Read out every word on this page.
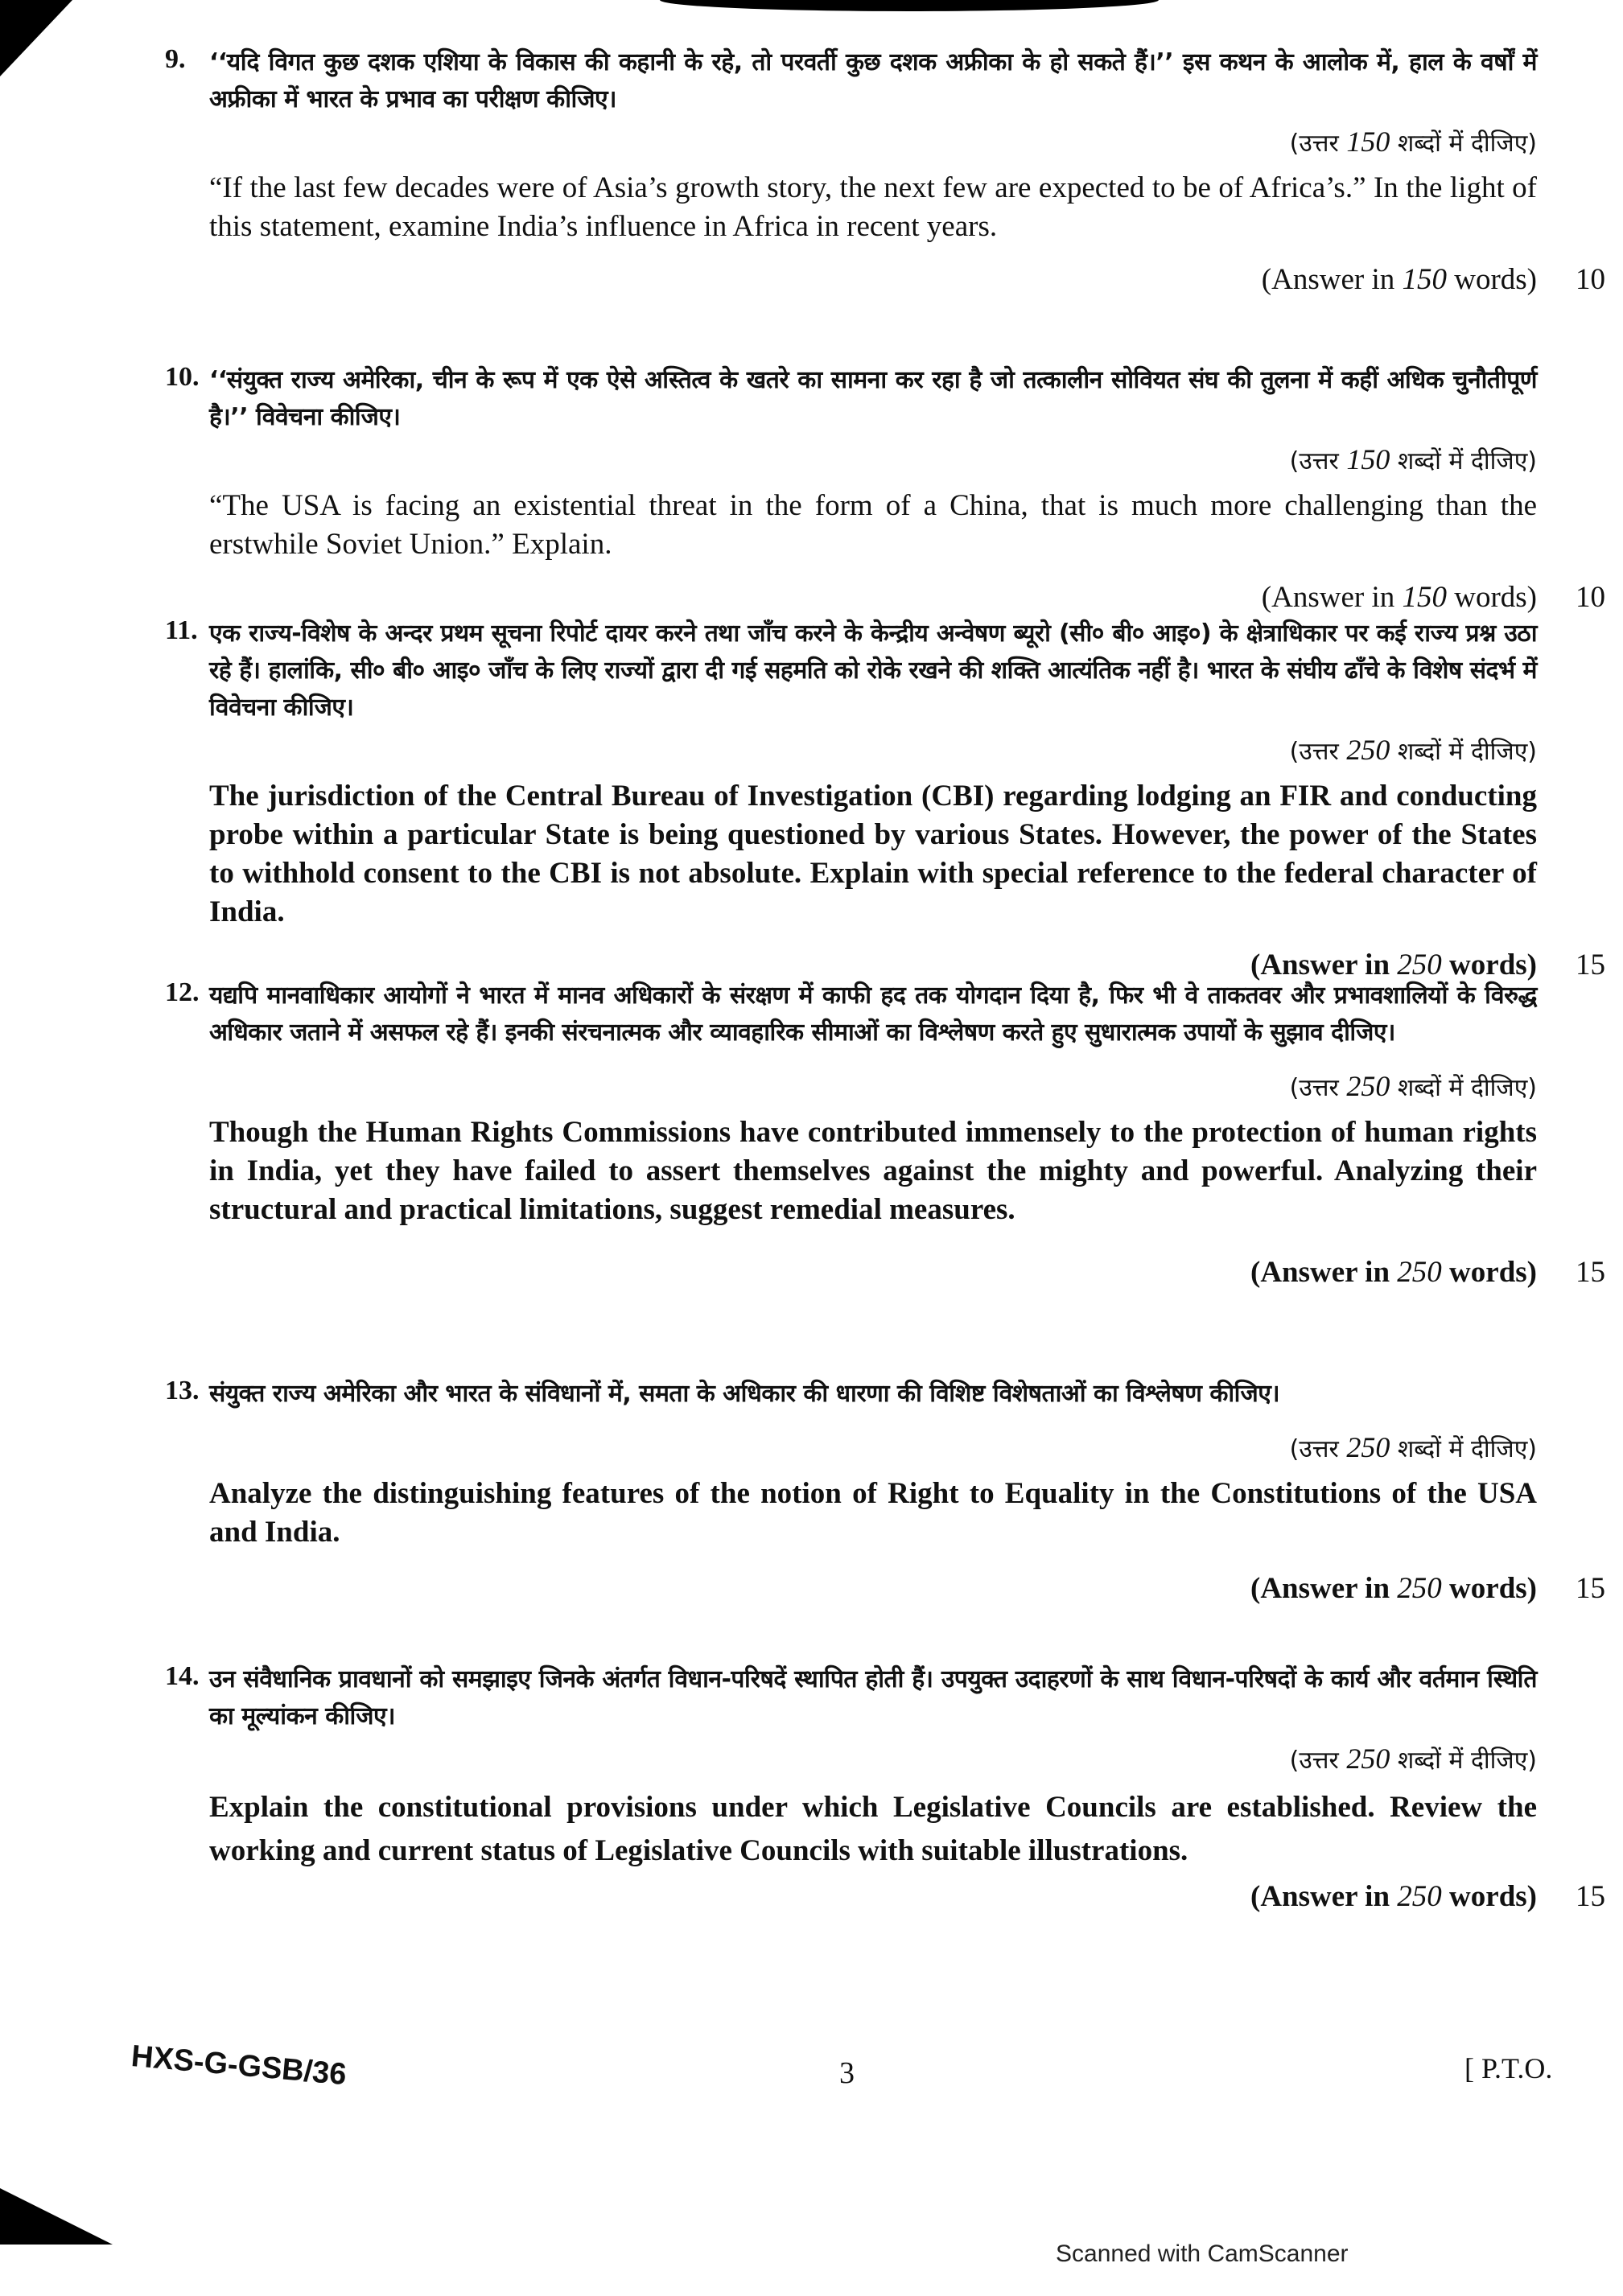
9. ‘‘यदि विगत कुछ दशक एशिया के विकास की कहानी के रहे, तो परवर्ती कुछ दशक अफ्रीका के हो सकते हैं।’’ इस कथन के आलोक में, हाल के वर्षों में अफ्रीका में भारत के प्रभाव का परीक्षण कीजिए।
(उत्तर 150 शब्दों में दीजिए)
“If the last few decades were of Asia’s growth story, the next few are expected to be of Africa’s.” In the light of this statement, examine India’s influence in Africa in recent years.
(Answer in 150 words) 10
10. ‘‘संयुक्त राज्य अमेरिका, चीन के रूप में एक ऐसे अस्तित्व के खतरे का सामना कर रहा है जो तत्कालीन सोवियत संघ की तुलना में कहीं अधिक चुनौतीपूर्ण है।’’ विवेचना कीजिए।
(उत्तर 150 शब्दों में दीजिए)
“The USA is facing an existential threat in the form of a China, that is much more challenging than the erstwhile Soviet Union.” Explain.
(Answer in 150 words) 10
11. एक राज्य-विशेष के अन्दर प्रथम सूचना रिपोर्ट दायर करने तथा जाँच करने के केन्द्रीय अन्वेषण ब्यूरो (सी० बी० आइ०) के क्षेत्राधिकार पर कई राज्य प्रश्न उठा रहे हैं। हालांकि, सी० बी० आइ० जाँच के लिए राज्यों द्वारा दी गई सहमति को रोके रखने की शक्ति आत्यंतिक नहीं है। भारत के संघीय ढाँचे के विशेष संदर्भ में विवेचना कीजिए।
(उत्तर 250 शब्दों में दीजिए)
The jurisdiction of the Central Bureau of Investigation (CBI) regarding lodging an FIR and conducting probe within a particular State is being questioned by various States. However, the power of the States to withhold consent to the CBI is not absolute. Explain with special reference to the federal character of India.
(Answer in 250 words) 15
12. यद्यपि मानवाधिकार आयोगों ने भारत में मानव अधिकारों के संरक्षण में काफी हद तक योगदान दिया है, फिर भी वे ताकतवर और प्रभावशालियों के विरुद्ध अधिकार जताने में असफल रहे हैं। इनकी संरचनात्मक और व्यावहारिक सीमाओं का विश्लेषण करते हुए सुधारात्मक उपायों के सुझाव दीजिए।
(उत्तर 250 शब्दों में दीजिए)
Though the Human Rights Commissions have contributed immensely to the protection of human rights in India, yet they have failed to assert themselves against the mighty and powerful. Analyzing their structural and practical limitations, suggest remedial measures.
(Answer in 250 words) 15
13. संयुक्त राज्य अमेरिका और भारत के संविधानों में, समता के अधिकार की धारणा की विशिष्ट विशेषताओं का विश्लेषण कीजिए।
(उत्तर 250 शब्दों में दीजिए)
Analyze the distinguishing features of the notion of Right to Equality in the Constitutions of the USA and India.
(Answer in 250 words) 15
14. उन संवैधानिक प्रावधानों को समझाइए जिनके अंतर्गत विधान-परिषदें स्थापित होती हैं। उपयुक्त उदाहरणों के साथ विधान-परिषदों के कार्य और वर्तमान स्थिति का मूल्यांकन कीजिए।
(उत्तर 250 शब्दों में दीजिए)
Explain the constitutional provisions under which Legislative Councils are established. Review the working and current status of Legislative Councils with suitable illustrations.
(Answer in 250 words) 15
HXS-G-GSB/36	3	[ P.T.O.
Scanned with CamScanner
